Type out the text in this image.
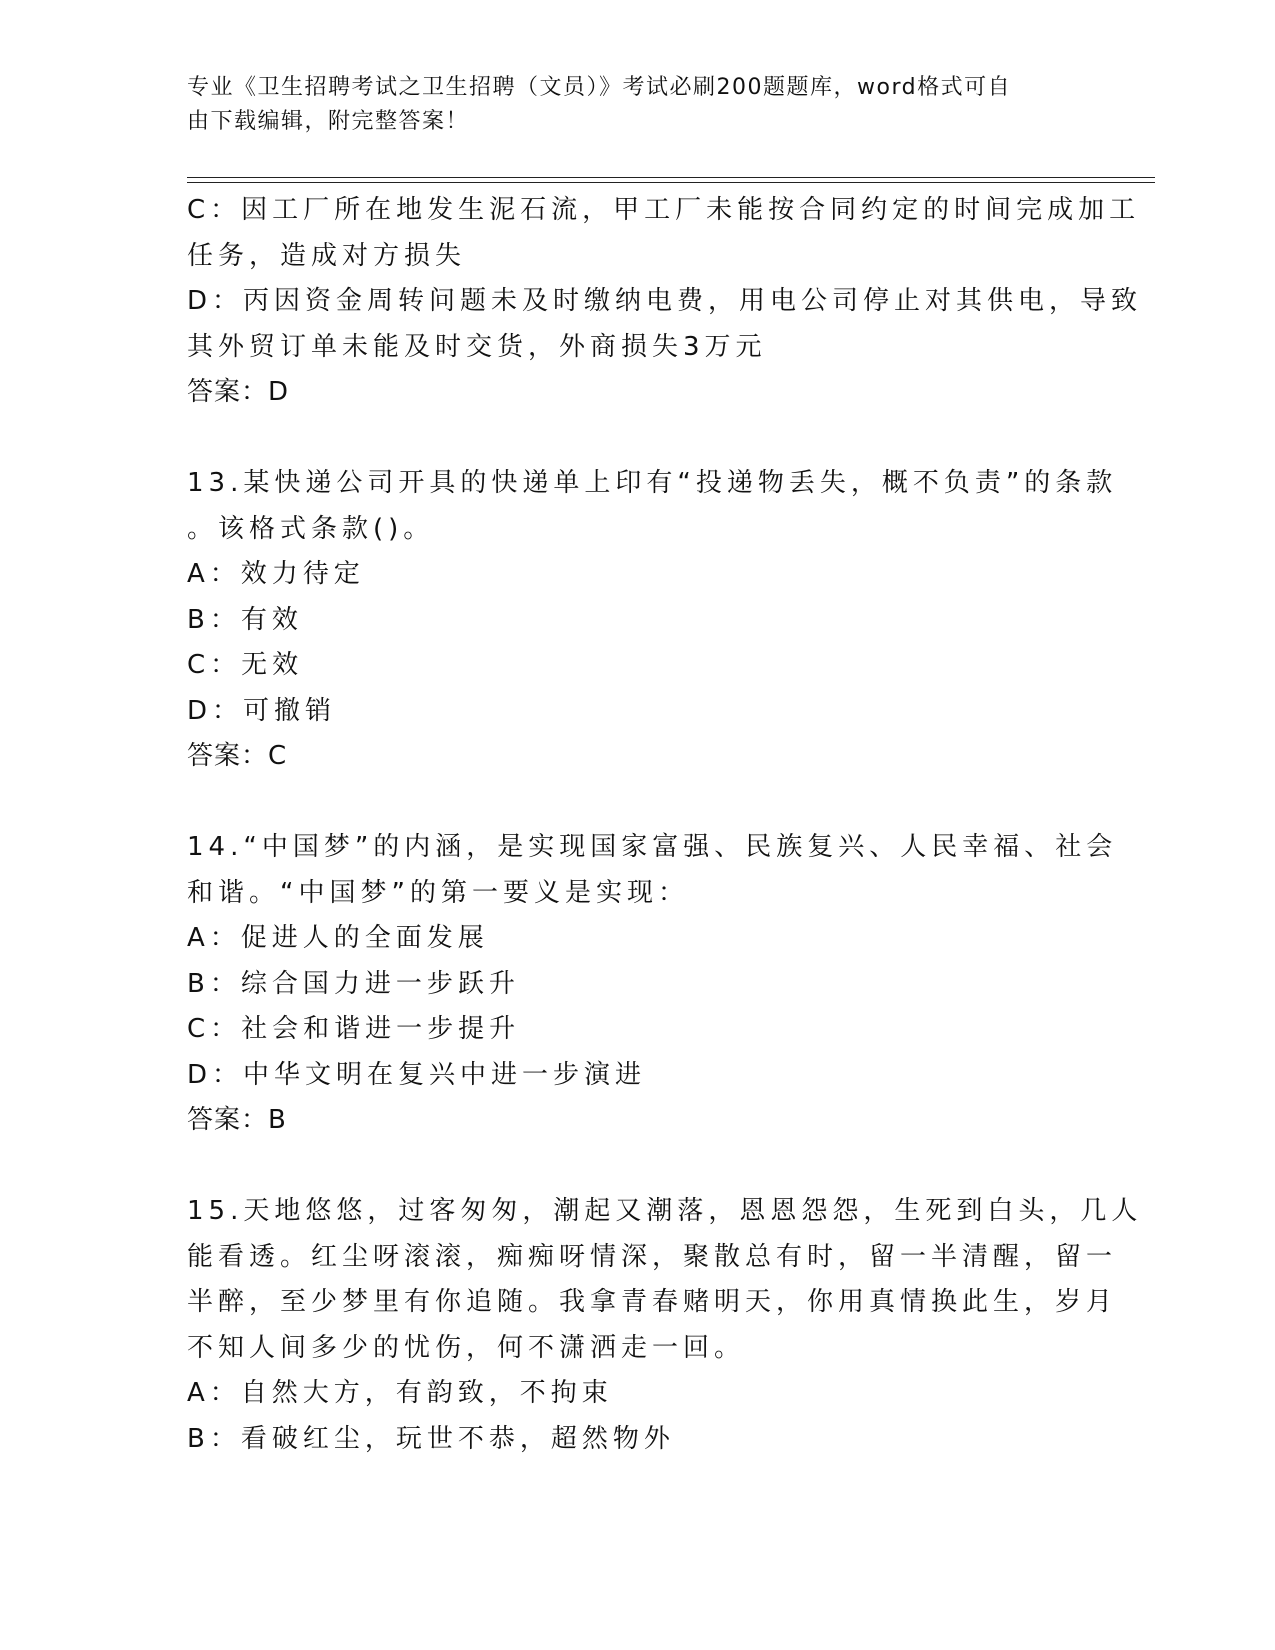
专业《卫生招聘考试之卫生招聘（文员）》考试必刷200题题库，word格式可自
由下载编辑，附完整答案！
C：因工厂所在地发生泥石流，甲工厂未能按合同约定的时间完成加工
任务，造成对方损失
D：丙因资金周转问题未及时缴纳电费，用电公司停止对其供电，导致
其外贸订单未能及时交货，外商损失3万元
答案：D
13.某快递公司开具的快递单上印有“投递物丢失，概不负责”的条款
。该格式条款()。
A：效力待定
B：有效
C：无效
D：可撤销
答案：C
14.“中国梦”的内涵，是实现国家富强、民族复兴、人民幸福、社会
和谐。“中国梦”的第一要义是实现：
A：促进人的全面发展
B：综合国力进一步跃升
C：社会和谐进一步提升
D：中华文明在复兴中进一步演进
答案：B
15.天地悠悠，过客匆匆，潮起又潮落，恩恩怨怨，生死到白头，几人
能看透。红尘呀滚滚，痴痴呀情深，聚散总有时，留一半清醒，留一
半醉，至少梦里有你追随。我拿青春赌明天，你用真情换此生，岁月
不知人间多少的忧伤，何不潇洒走一回。
A：自然大方，有韵致，不拘束
B：看破红尘，玩世不恭，超然物外
